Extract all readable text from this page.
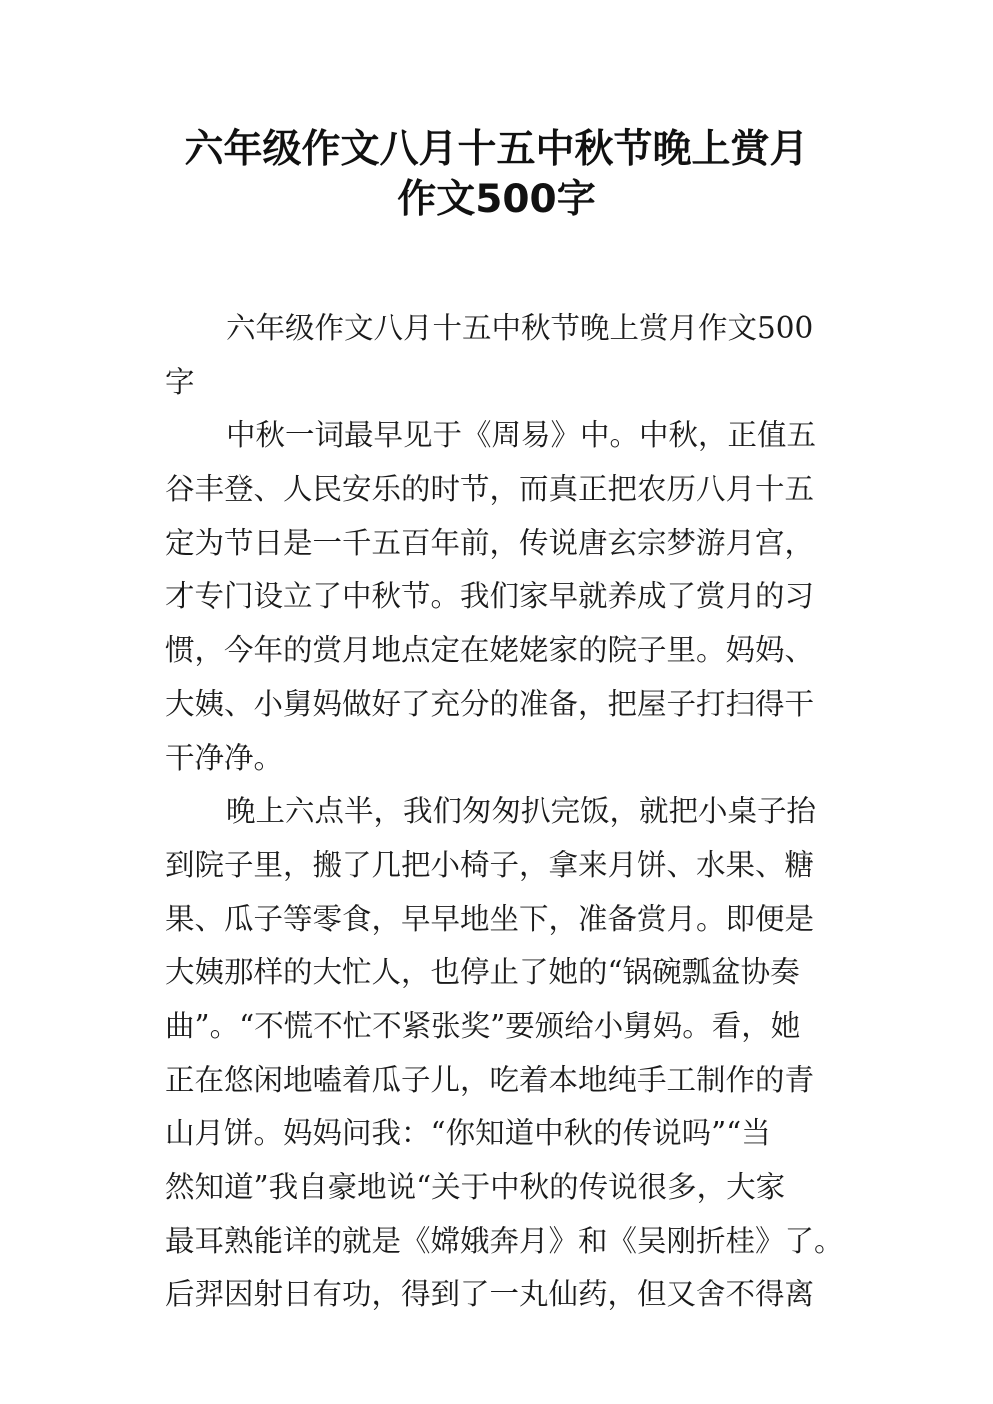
六年级作文八月十五中秋节晚上赏月
作文500字
六年级作文八月十五中秋节晚上赏月作文500
字
中秋一词最早见于《周易》中。中秋，正值五
谷丰登、人民安乐的时节，而真正把农历八月十五
定为节日是一千五百年前，传说唐玄宗梦游月宫，
才专门设立了中秋节。我们家早就养成了赏月的习
惯，今年的赏月地点定在姥姥家的院子里。妈妈、
大姨、小舅妈做好了充分的准备，把屋子打扫得干
干净净。
晚上六点半，我们匆匆扒完饭，就把小桌子抬
到院子里，搬了几把小椅子，拿来月饼、水果、糖
果、瓜子等零食，早早地坐下，准备赏月。即便是
大姨那样的大忙人，也停止了她的“锅碗瓢盆协奏
曲”。“不慌不忙不紧张奖”要颁给小舅妈。看，她
正在悠闲地嗑着瓜子儿，吃着本地纯手工制作的青
山月饼。妈妈问我：“你知道中秋的传说吗”“当
然知道”我自豪地说“关于中秋的传说很多，大家
最耳熟能详的就是《嫦娥奔月》和《吴刚折桂》了。
后羿因射日有功，得到了一丸仙药，但又舍不得离
